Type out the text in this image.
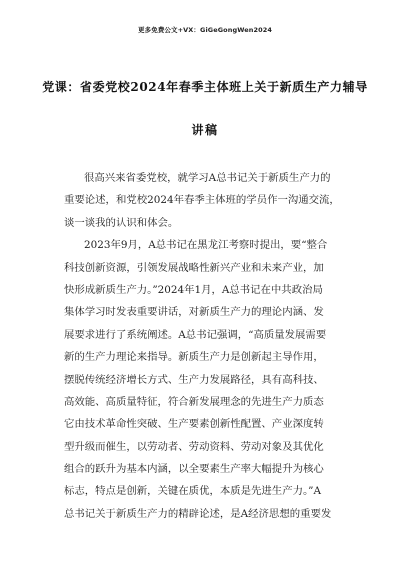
更多免费公文+VX：GiGeGongWen2024
党课：省委党校2024年春季主体班上关于新质生产力辅导
讲稿
很高兴来省委党校，就学习A总书记关于新质生产力的
重要论述，和党校2024年春季主体班的学员作一沟通交流，
谈一谈我的认识和体会。
2023年9月，A总书记在黑龙江考察时提出，要“整合
科技创新资源，引领发展战略性新兴产业和未来产业，加
快形成新质生产力。”2024年1月，A总书记在中共政治局
集体学习时发表重要讲话，对新质生产力的理论内涵、发
展要求进行了系统阐述。A总书记强调，“高质量发展需要
新的生产力理论来指导。新质生产力是创新起主导作用，
摆脱传统经济增长方式、生产力发展路径，具有高科技、
高效能、高质量特征，符合新发展理念的先进生产力质态
它由技术革命性突破、生产要素创新性配置、产业深度转
型升级而催生，以劳动者、劳动资料、劳动对象及其优化
组合的跃升为基本内涵，以全要素生产率大幅提升为核心
标志，特点是创新，关键在质优，本质是先进生产力。”A
总书记关于新质生产力的精辟论述，是A经济思想的重要发
